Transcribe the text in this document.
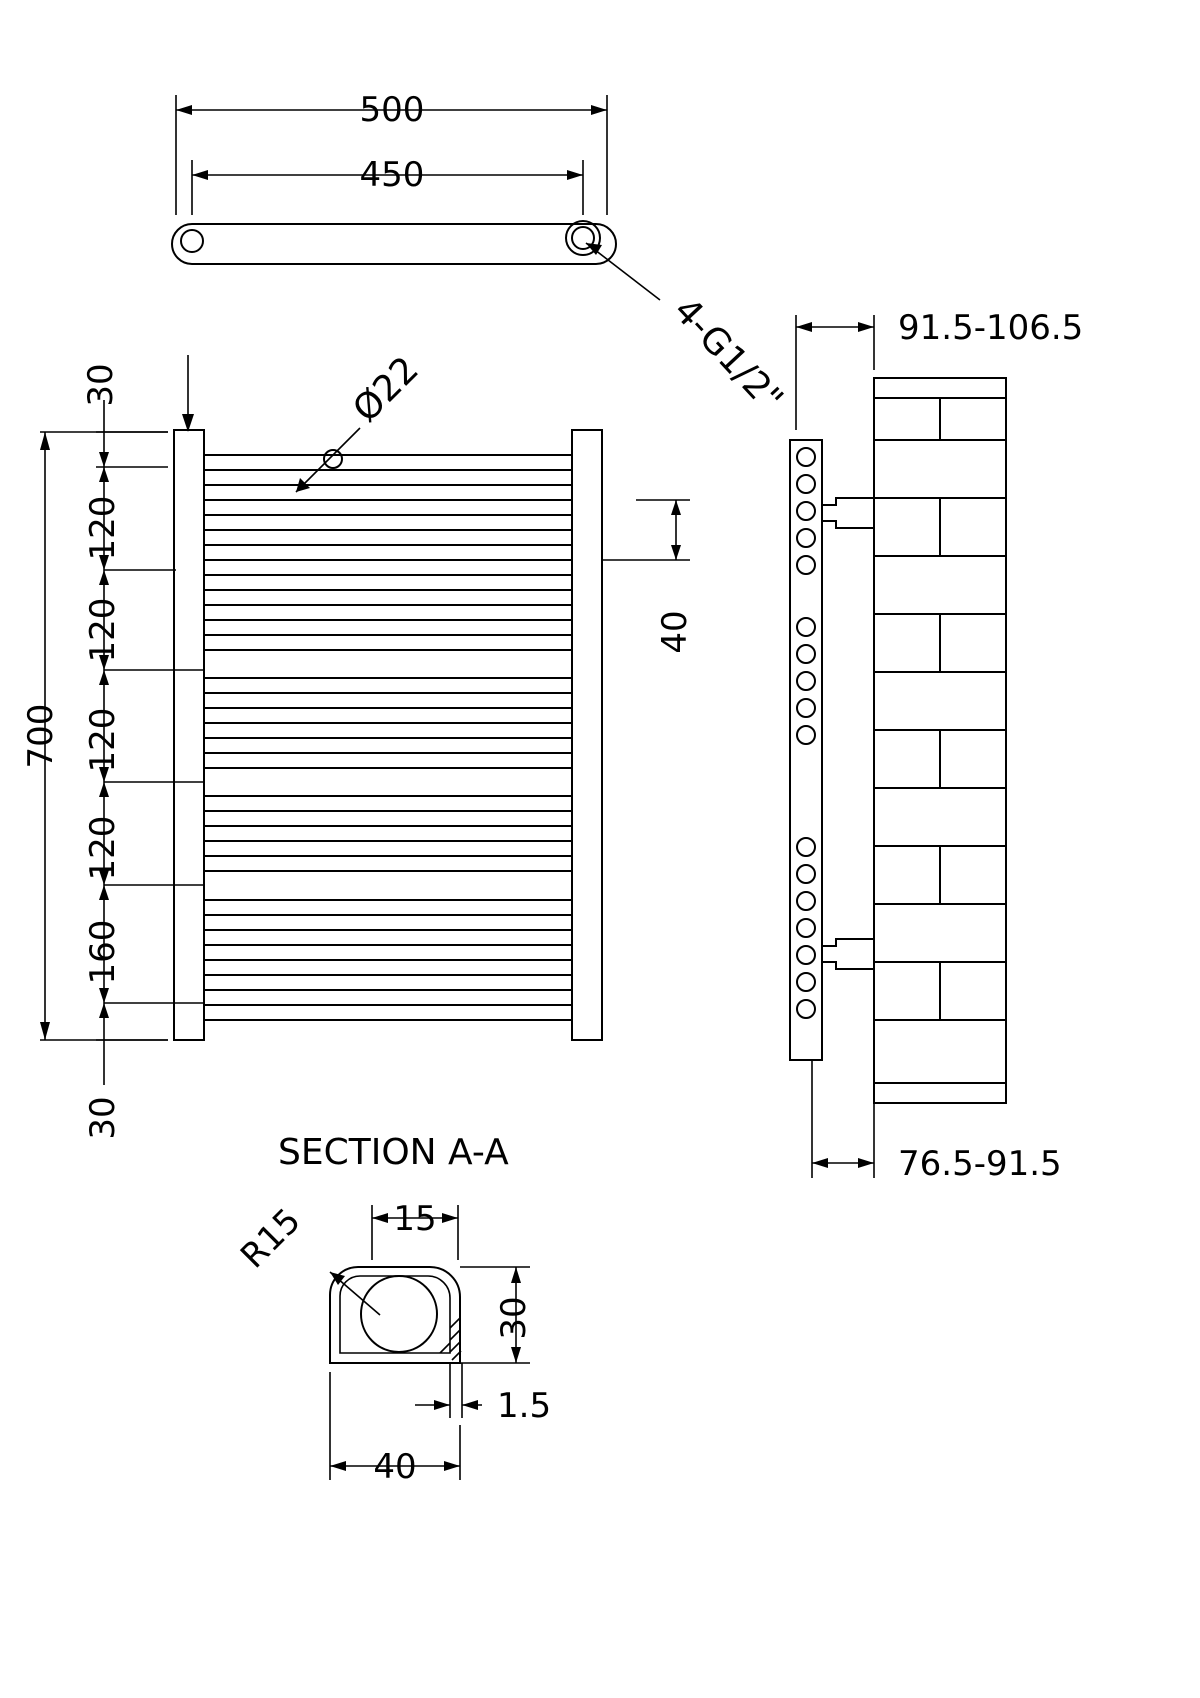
500
450
4-G1/2"
Ø22
700
30
120
120
120
120
160
30
40
91.5-106.5
76.5-91.5
SECTION A-A
R15 15
30
1.5
40
